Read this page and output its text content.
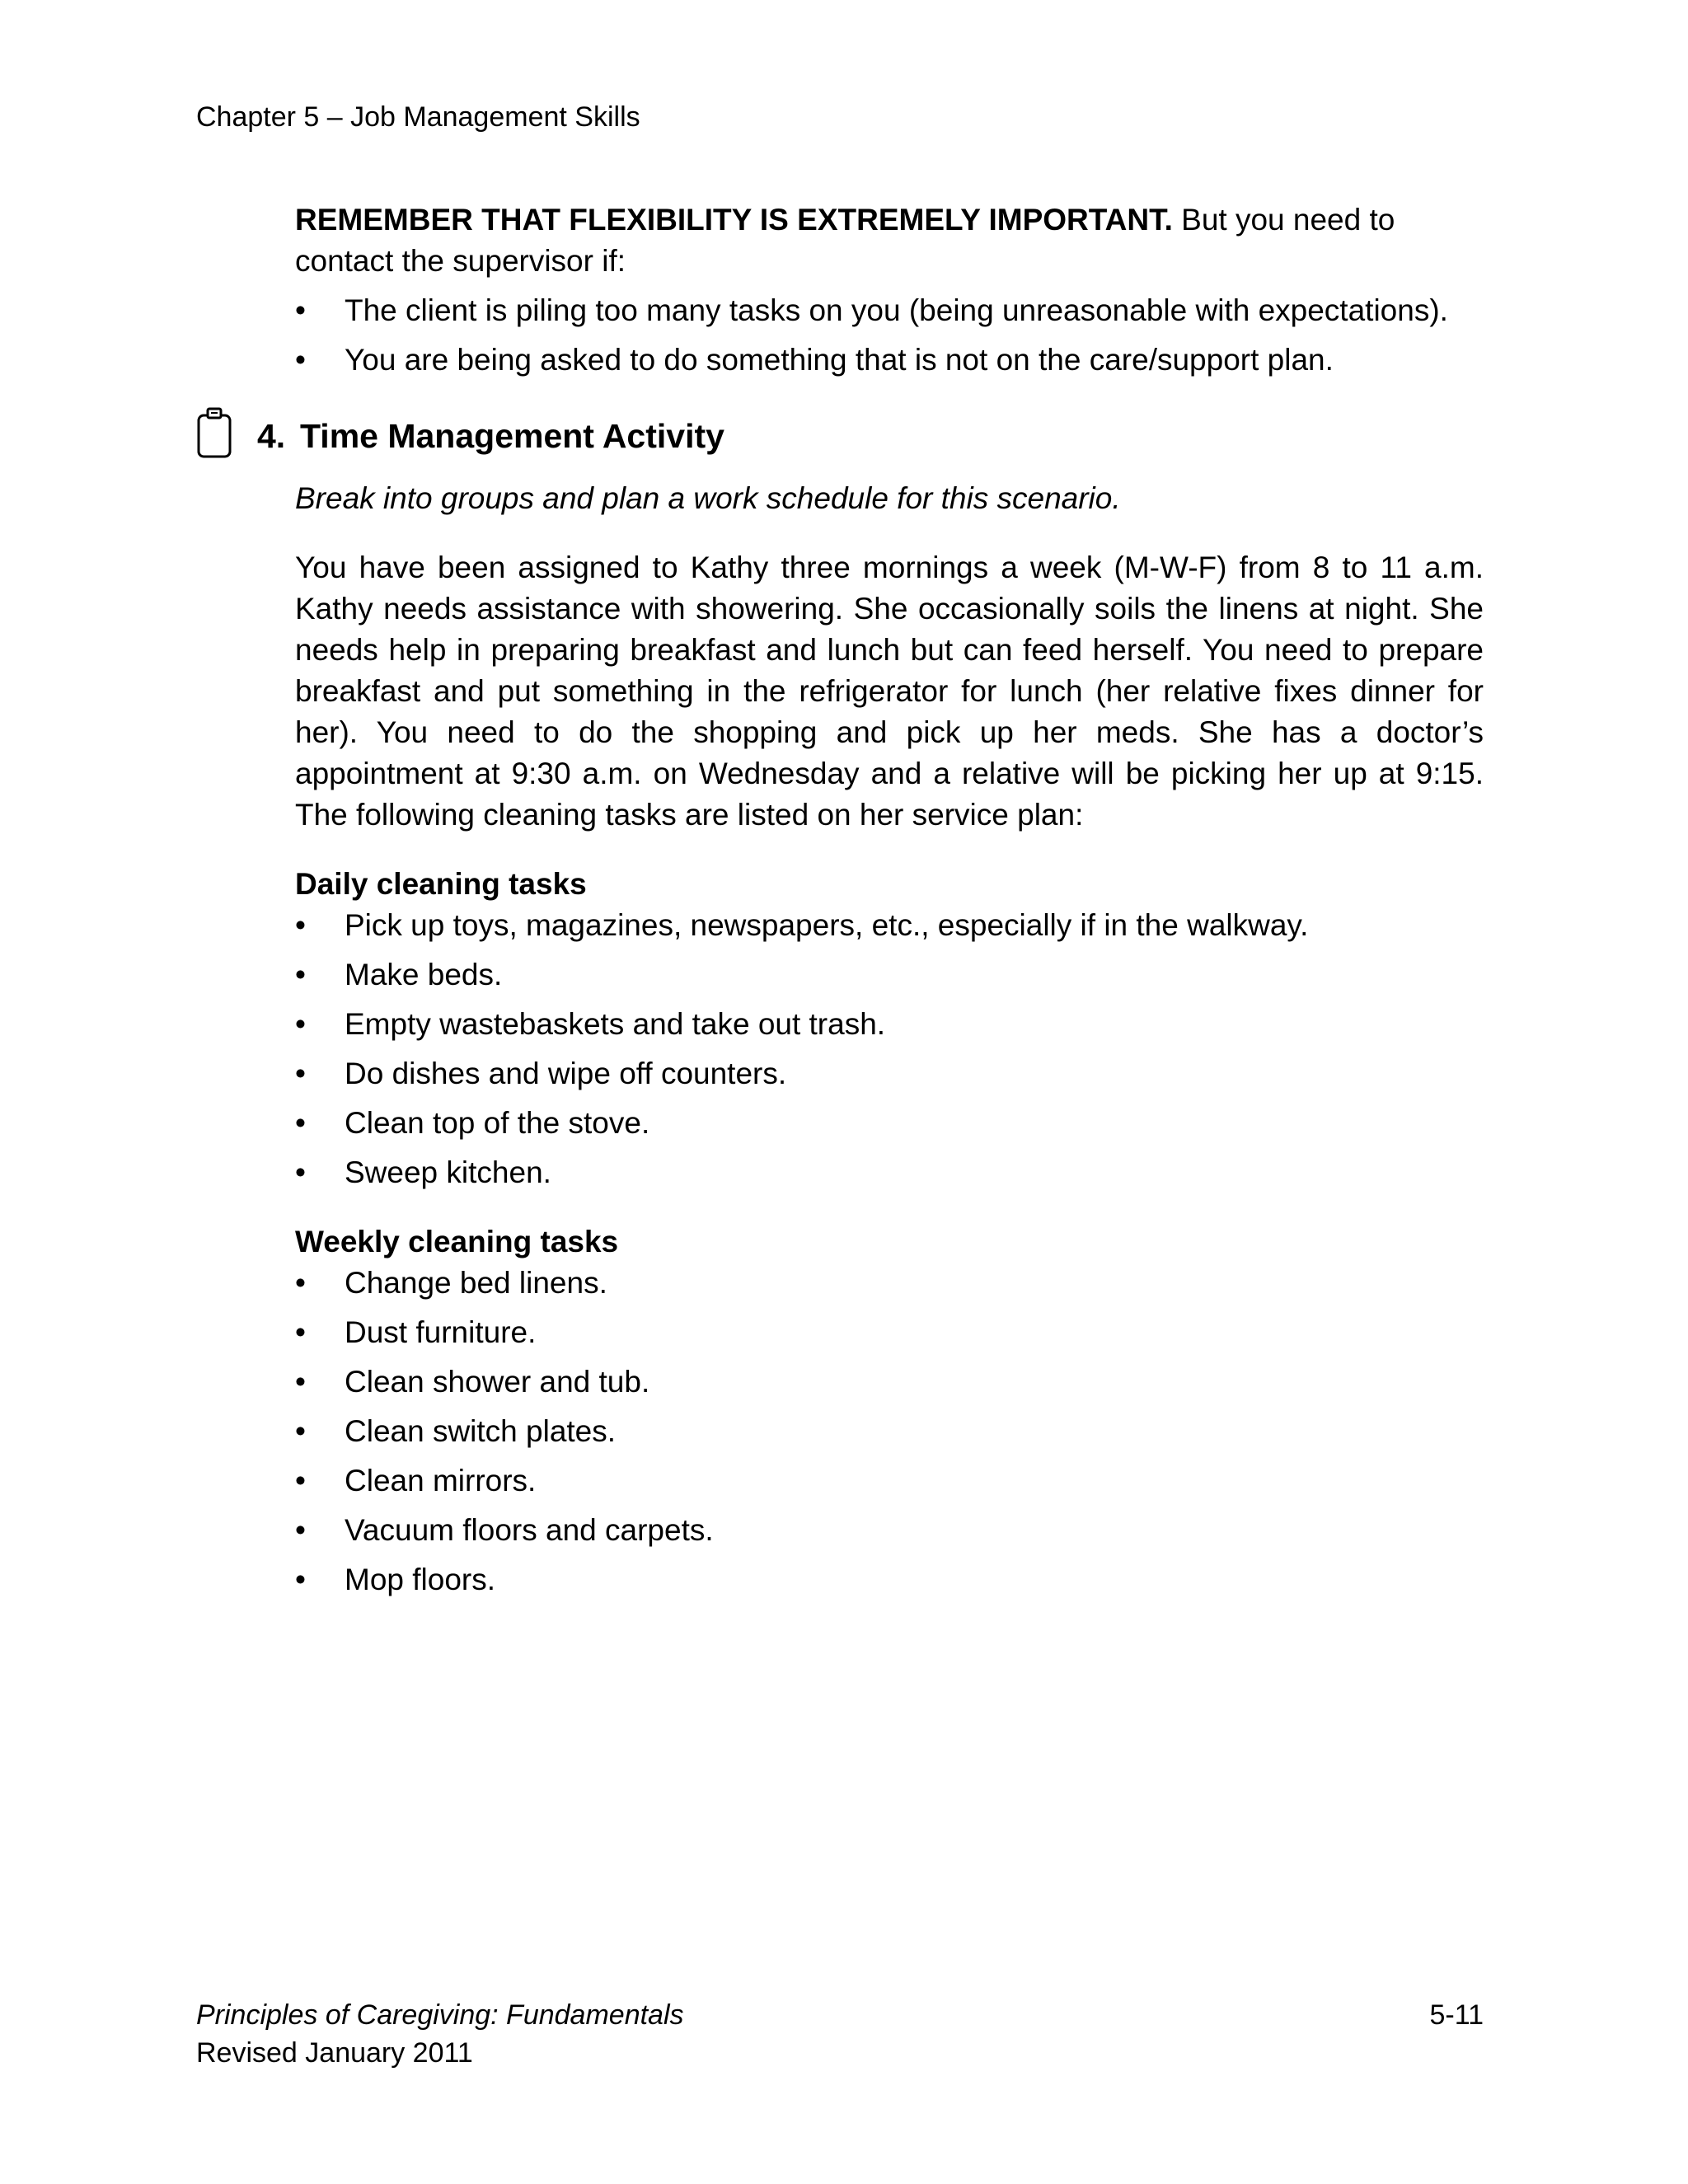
Chapter 5 – Job Management Skills

REMEMBER THAT FLEXIBILITY IS EXTREMELY IMPORTANT. But you need to contact the supervisor if:

• The client is piling too many tasks on you (being unreasonable with expectations).
• You are being asked to do something that is not on the care/support plan.
4. Time Management Activity

Break into groups and plan a work schedule for this scenario.

You have been assigned to Kathy three mornings a week (M-W-F) from 8 to 11 a.m. Kathy needs assistance with showering. She occasionally soils the linens at night. She needs help in preparing breakfast and lunch but can feed herself. You need to prepare breakfast and put something in the refrigerator for lunch (her relative fixes dinner for her). You need to do the shopping and pick up her meds. She has a doctor’s appointment at 9:30 a.m. on Wednesday and a relative will be picking her up at 9:15. The following cleaning tasks are listed on her service plan:

Daily cleaning tasks

• Pick up toys, magazines, newspapers, etc., especially if in the walkway.
• Make beds.
• Empty wastebaskets and take out trash.
• Do dishes and wipe off counters.
• Clean top of the stove.
• Sweep kitchen.

Weekly cleaning tasks

• Change bed linens.
• Dust furniture.
• Clean shower and tub.
• Clean switch plates.
• Clean mirrors.
• Vacuum floors and carpets.
• Mop floors.
Principles of Caregiving: Fundamentals
Revised January 2011
5-11
